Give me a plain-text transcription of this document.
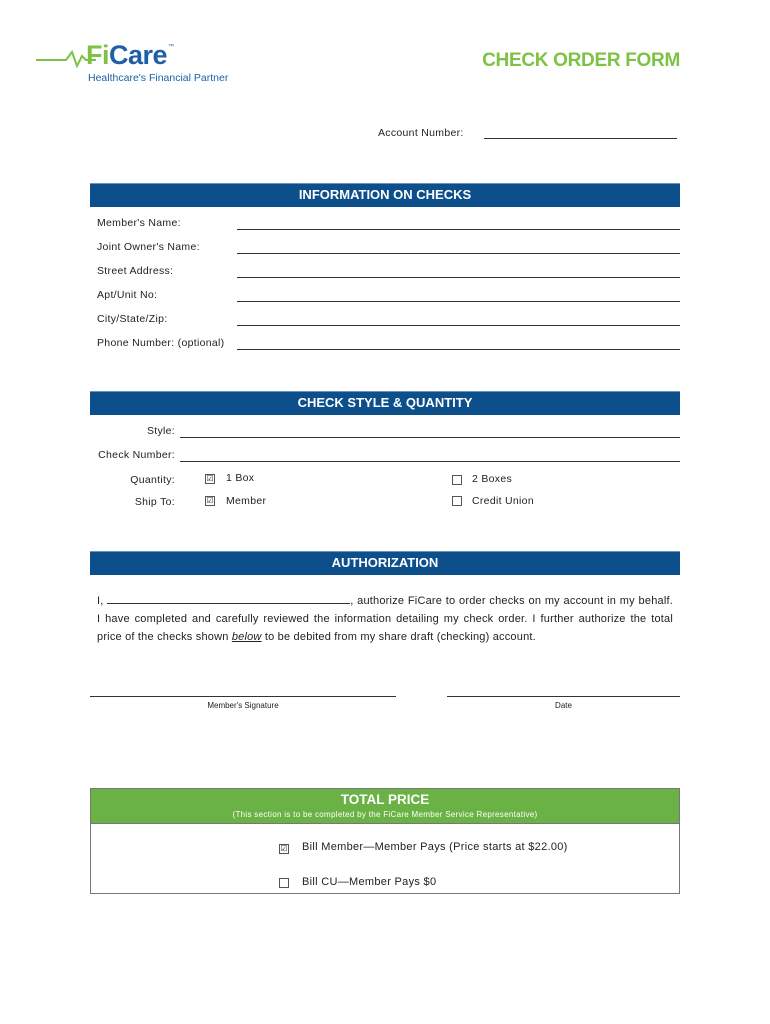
FiCare ™
Healthcare's Financial Partner
CHECK ORDER FORM
Account Number:
INFORMATION ON CHECKS
Member's Name:
Joint Owner's Name:
Street Address:
Apt/Unit No:
City/State/Zip:
Phone Number: (optional)
CHECK STYLE & QUANTITY
Style:
Check Number:
Quantity:	☑ 1 Box	2 Boxes
Ship To:	☑ Member	Credit Union
AUTHORIZATION
I,	, authorize FiCare to order checks on my account in my behalf. I have completed and carefully reviewed the information detailing my check order. I further authorize the total price of the checks shown below to be debited from my share draft (checking) account.
Member's Signature	Date
TOTAL PRICE
(This section is to be completed by the FiCare Member Service Representative)
☑ Bill Member—Member Pays (Price starts at $22.00)
Bill CU—Member Pays $0
